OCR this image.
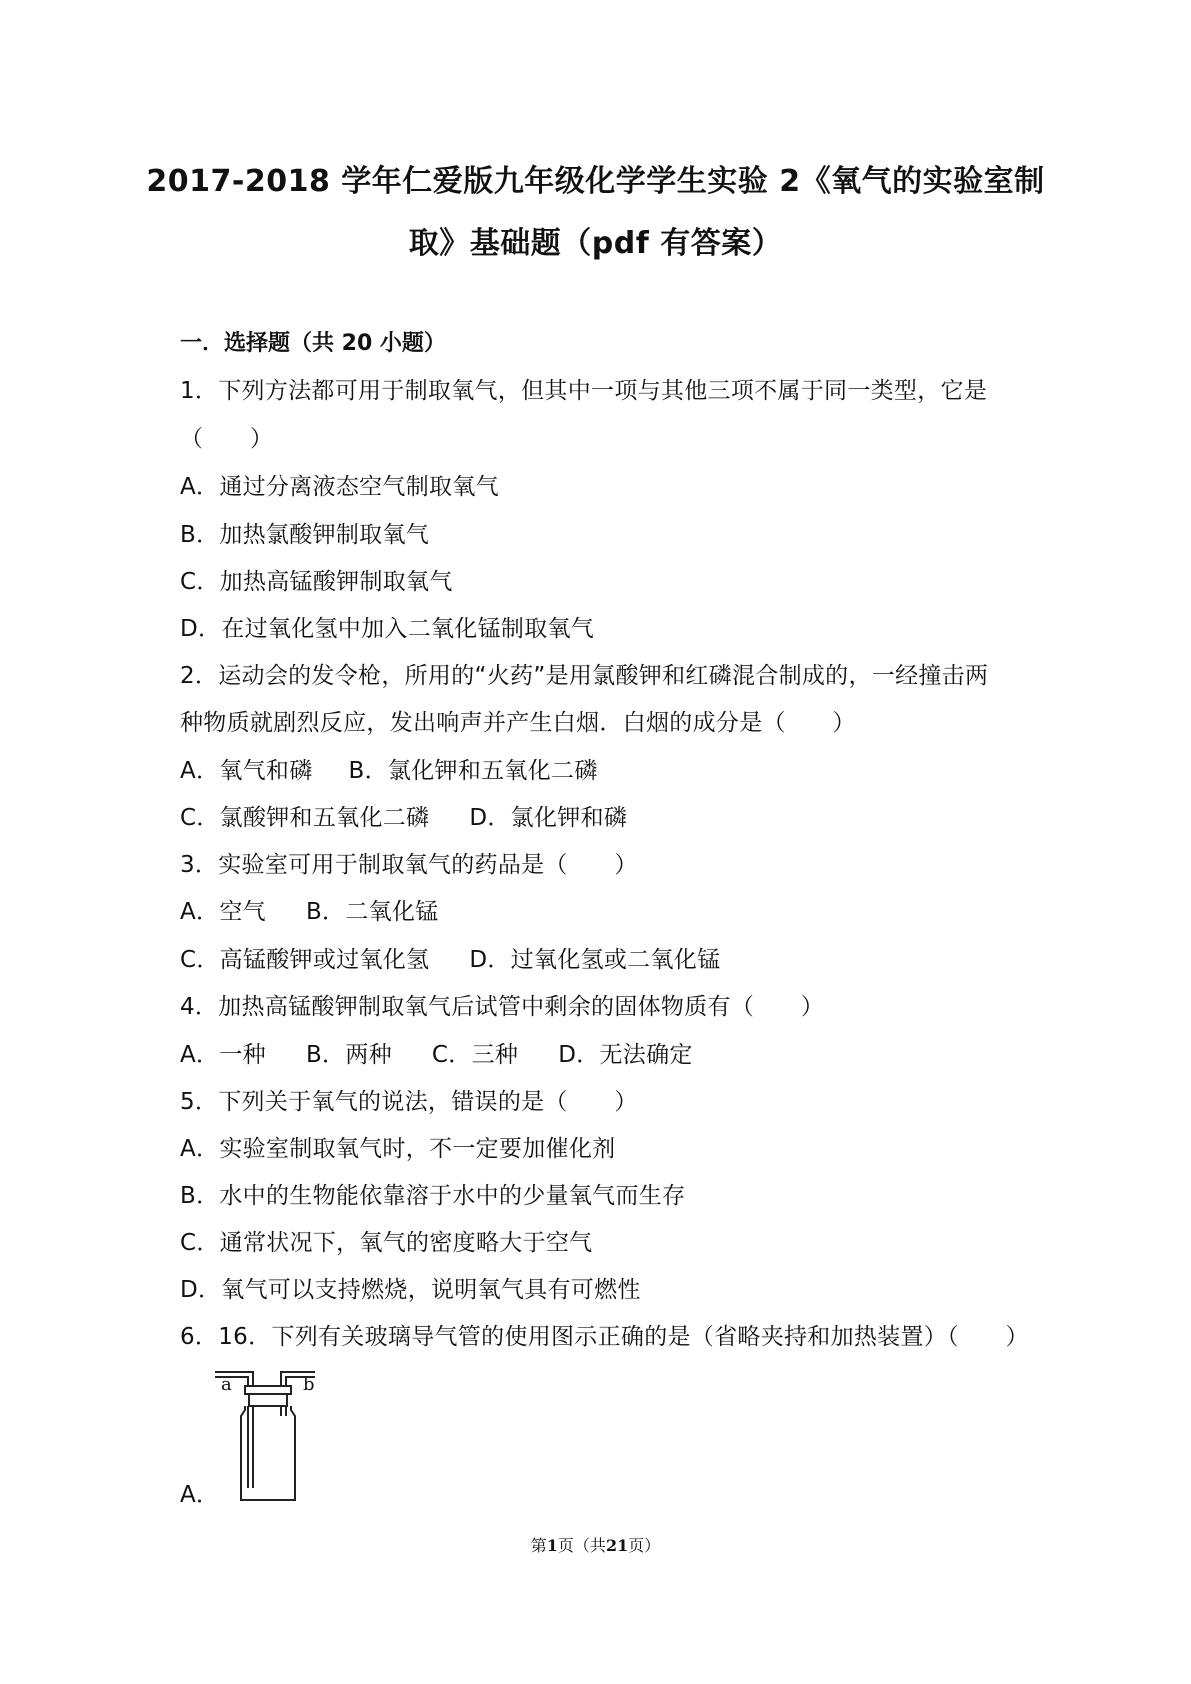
2017-2018 学年仁爱版九年级化学学生实验 2《氧气的实验室制
取》基础题（pdf 有答案）
一．选择题（共 20 小题）
1．下列方法都可用于制取氧气，但其中一项与其他三项不属于同一类型，它是
（　　）
A．通过分离液态空气制取氧气
B．加热氯酸钾制取氧气
C．加热高锰酸钾制取氧气
D．在过氧化氢中加入二氧化锰制取氧气
2．运动会的发令枪，所用的“火药”是用氯酸钾和红磷混合制成的，一经撞击两
种物质就剧烈反应，发出响声并产生白烟．白烟的成分是（　　）
A．氧气和磷 B．氯化钾和五氧化二磷
C．氯酸钾和五氧化二磷 D．氯化钾和磷
3．实验室可用于制取氧气的药品是（　　）
A．空气 B．二氧化锰
C．高锰酸钾或过氧化氢 D．过氧化氢或二氧化锰
4．加热高锰酸钾制取氧气后试管中剩余的固体物质有（　　）
A．一种 B．两种 C．三种 D．无法确定
5．下列关于氧气的说法，错误的是（　　）
A．实验室制取氧气时，不一定要加催化剂
B．水中的生物能依靠溶于水中的少量氧气而生存
C．通常状况下，氧气的密度略大于空气
D．氧气可以支持燃烧，说明氧气具有可燃性
6．16．下列有关玻璃导气管的使用图示正确的是（省略夹持和加热装置）（　　）
A．
a	b
第1页（共21页）
